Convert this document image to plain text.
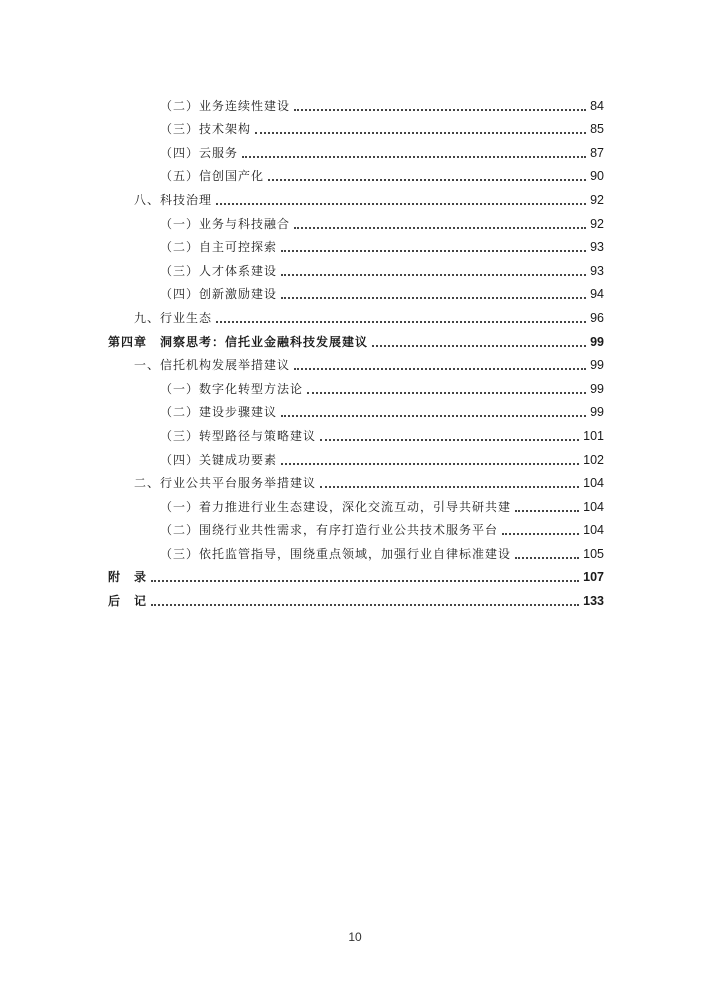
（二）业务连续性建设	84
（三）技术架构	85
（四）云服务	87
（五）信创国产化	90
八、科技治理	92
（一）业务与科技融合	92
（二）自主可控探索	93
（三）人才体系建设	93
（四）创新激励建设	94
九、行业生态	96
第四章　洞察思考：信托业金融科技发展建议	99
一、信托机构发展举措建议	99
（一）数字化转型方法论	99
（二）建设步骤建议	99
（三）转型路径与策略建议	101
（四）关键成功要素	102
二、行业公共平台服务举措建议	104
（一）着力推进行业生态建设，深化交流互动，引导共研共建	104
（二）围绕行业共性需求，有序打造行业公共技术服务平台	104
（三）依托监管指导，围绕重点领域，加强行业自律标准建设	105
附　录	107
后　记	133
10
